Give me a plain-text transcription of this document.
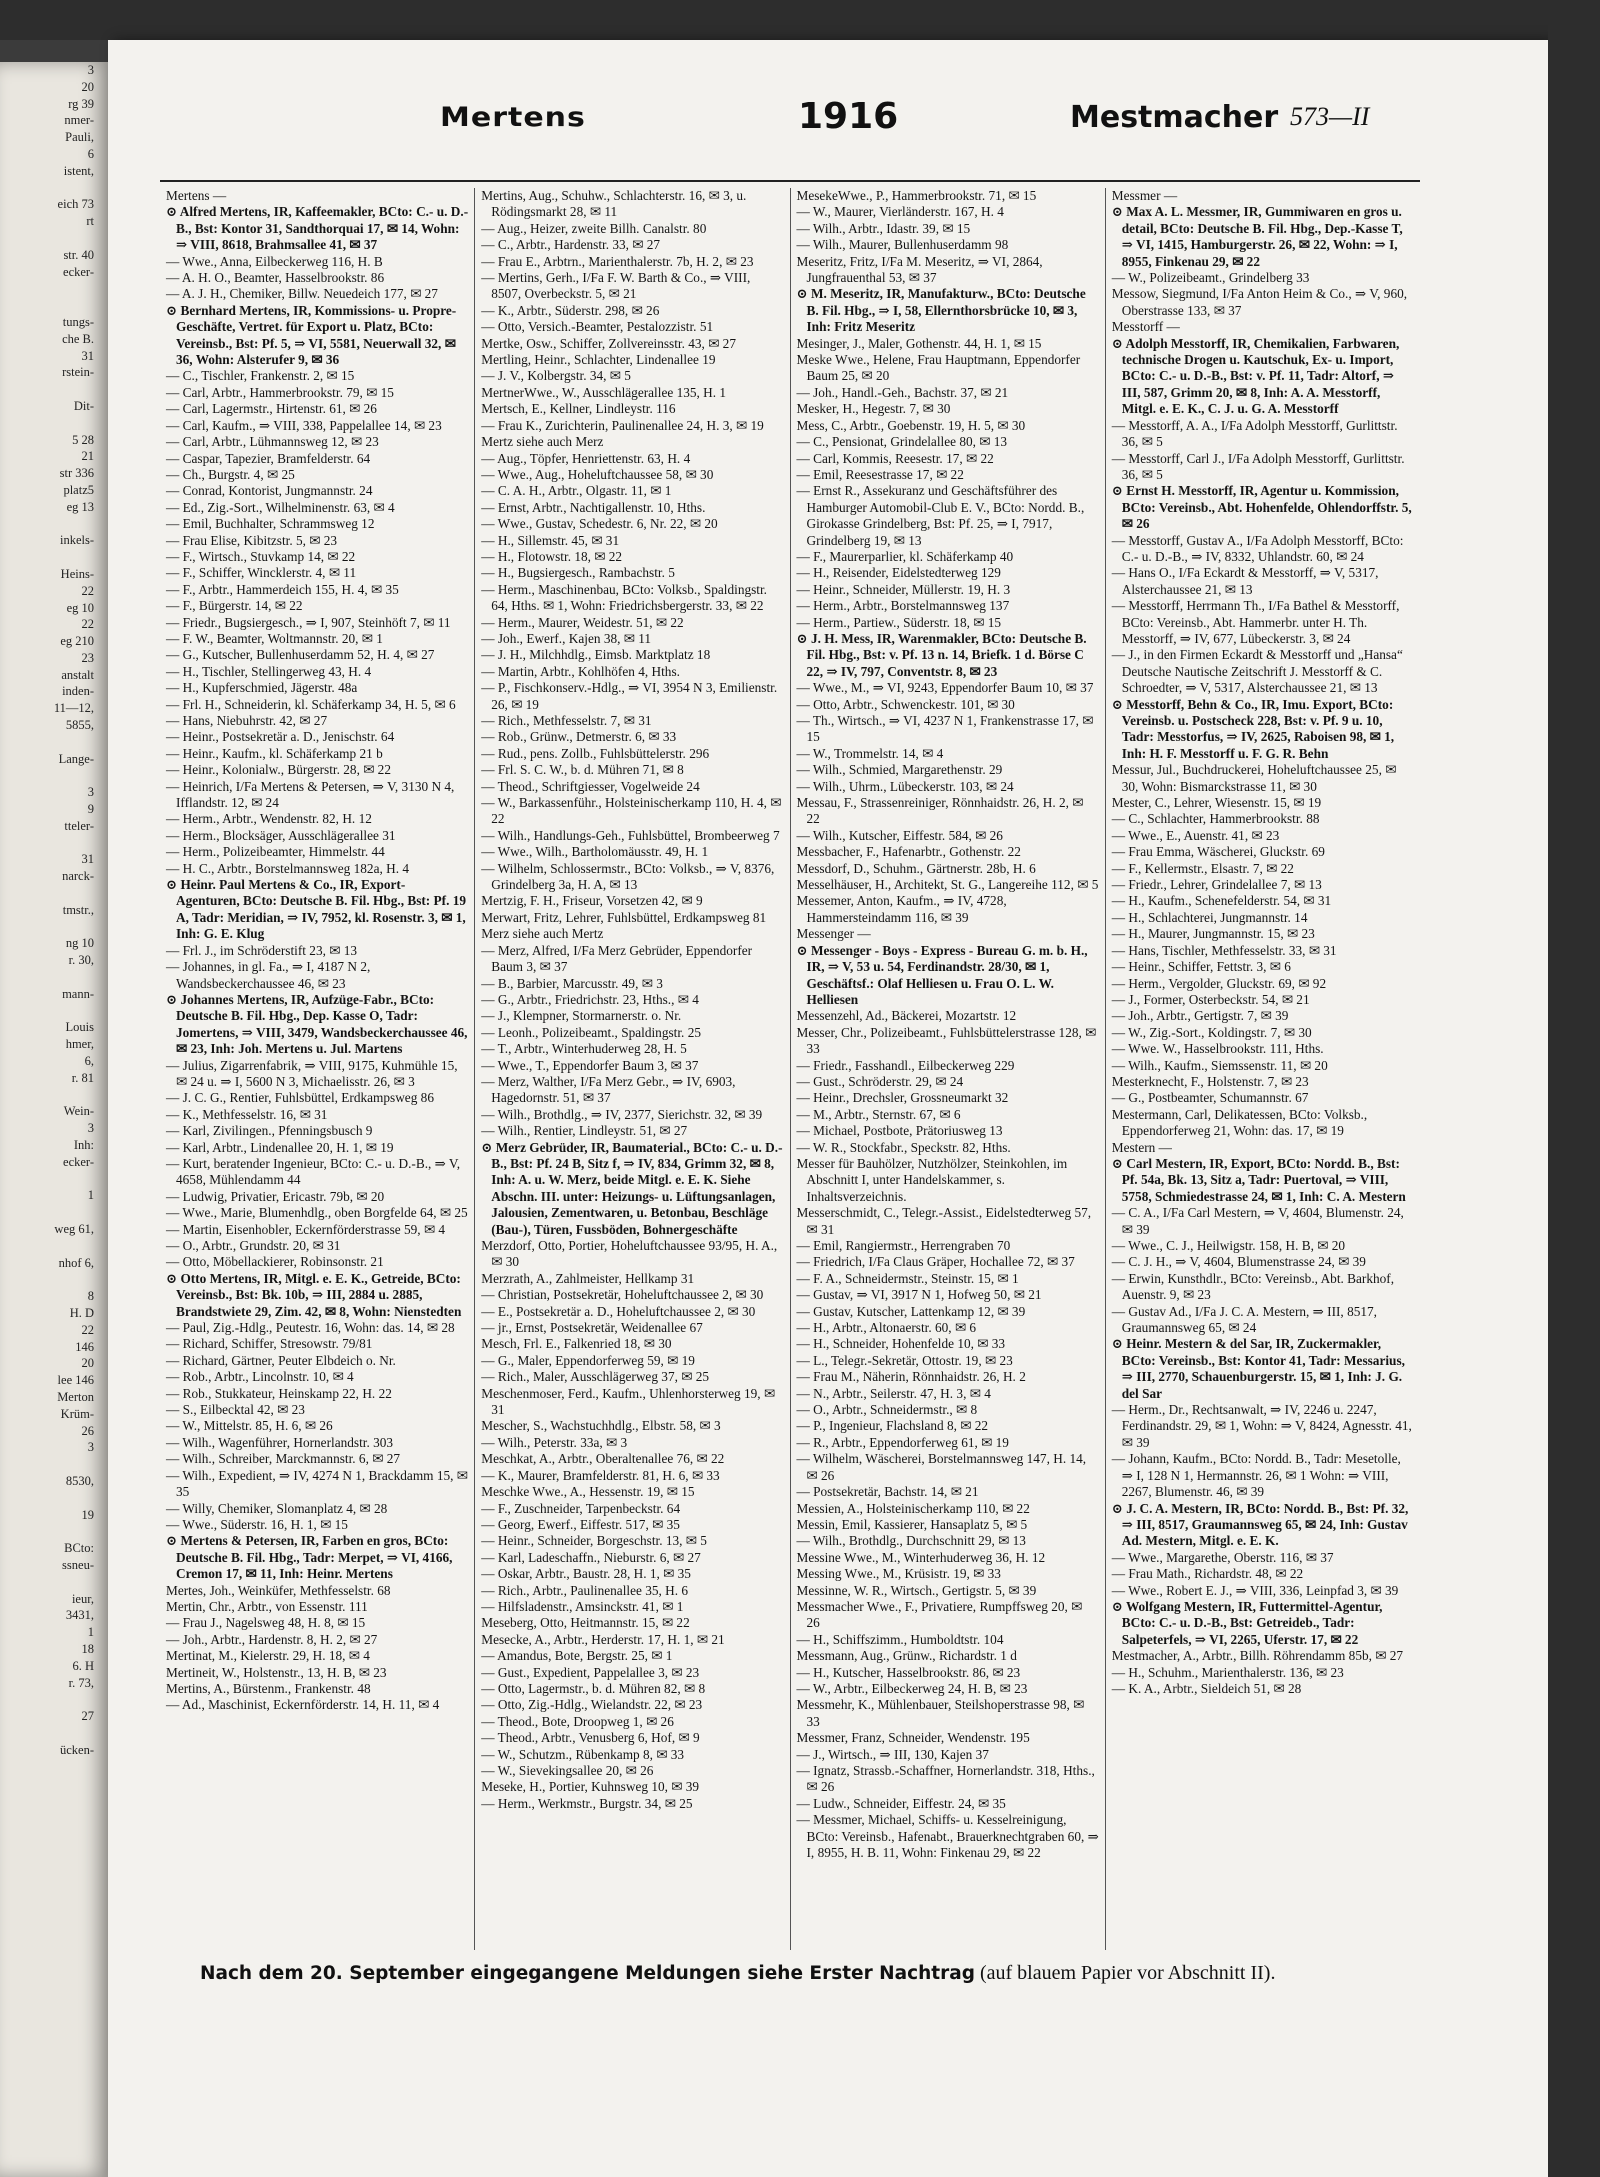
3
20
rg 39
nmer-
Pauli,
6
istent,

eich 73
rt

str. 40
ecker-

tungs-
che B.
31
rstein-

Dit-

5 28
21
str 336
platz5
eg 13

inkels-

Heins-
22
eg 10
22
eg 210
23
anstalt
inden-
11—12,
5855,

Lange-

3
9
tteler-

31
narck-

tmstr.,

ng 10
r. 30,

mann-

Louis
hmer,
6,
r. 81

Wein-
3
Inh:
ecker-

1

weg 61,

nhof 6,

8
H. D
22
146
20
lee 146
Merton
Krüm-
26
3

8530,

19

BCto:
ssneu-

ieur,
3431,
1
18
6. H
r. 73,

27

ücken-
Mertens	1916	Mestmacher 573—II

Mertens —

⊙ Alfred Mertens, IR, Kaffeemakler, BCto: C.- u. D.-B., Bst: Kontor 31, Sandthorquai 17, ✉ 14, Wohn: ⇒ VIII, 8618, Brahmsallee 41, ✉ 37

— Wwe., Anna, Eilbeckerweg 116, H. B

— A. H. O., Beamter, Hasselbrookstr. 86

— A. J. H., Chemiker, Billw. Neuedeich 177, ✉ 27

⊙ Bernhard Mertens, IR, Kommissions- u. Propre-Geschäfte, Vertret. für Export u. Platz, BCto: Vereinsb., Bst: Pf. 5, ⇒ VI, 5581, Neuerwall 32, ✉ 36, Wohn: Alsterufer 9, ✉ 36

— C., Tischler, Frankenstr. 2, ✉ 15

— Carl, Arbtr., Hammerbrookstr. 79, ✉ 15

— Carl, Lagermstr., Hirtenstr. 61, ✉ 26

— Carl, Kaufm., ⇒ VIII, 338, Pappelallee 14, ✉ 23

— Carl, Arbtr., Lühmannsweg 12, ✉ 23

— Caspar, Tapezier, Bramfelderstr. 64

— Ch., Burgstr. 4, ✉ 25

— Conrad, Kontorist, Jungmannstr. 24

— Ed., Zig.-Sort., Wilhelminenstr. 63, ✉ 4

— Emil, Buchhalter, Schrammsweg 12

— Frau Elise, Kibitzstr. 5, ✉ 23

— F., Wirtsch., Stuvkamp 14, ✉ 22

— F., Schiffer, Wincklerstr. 4, ✉ 11

— F., Arbtr., Hammerdeich 155, H. 4, ✉ 35

— F., Bürgerstr. 14, ✉ 22

— Friedr., Bugsiergesch., ⇒ I, 907, Steinhöft 7, ✉ 11

— F. W., Beamter, Woltmannstr. 20, ✉ 1

— G., Kutscher, Bullenhuserdamm 52, H. 4, ✉ 27

— H., Tischler, Stellingerweg 43, H. 4

— H., Kupferschmied, Jägerstr. 48a

— Frl. H., Schneiderin, kl. Schäferkamp 34, H. 5, ✉ 6

— Hans, Niebuhrstr. 42, ✉ 27

— Heinr., Postsekretär a. D., Jenischstr. 64

— Heinr., Kaufm., kl. Schäferkamp 21 b

— Heinr., Kolonialw., Bürgerstr. 28, ✉ 22

— Heinrich, I/Fa Mertens & Petersen, ⇒ V, 3130 N 4, Ifflandstr. 12, ✉ 24

— Herm., Arbtr., Wendenstr. 82, H. 12

— Herm., Blocksäger, Ausschlägerallee 31

— Herm., Polizeibeamter, Himmelstr. 44

— H. C., Arbtr., Borstelmannsweg 182a, H. 4

⊙ Heinr. Paul Mertens & Co., IR, Export-Agenturen, BCto: Deutsche B. Fil. Hbg., Bst: Pf. 19 A, Tadr: Meridian, ⇒ IV, 7952, kl. Rosenstr. 3, ✉ 1, Inh: G. E. Klug

— Frl. J., im Schröderstift 23, ✉ 13

— Johannes, in gl. Fa., ⇒ I, 4187 N 2, Wandsbeckerchaussee 46, ✉ 23

⊙ Johannes Mertens, IR, Aufzüge-Fabr., BCto: Deutsche B. Fil. Hbg., Dep. Kasse O, Tadr: Jomertens, ⇒ VIII, 3479, Wandsbeckerchaussee 46, ✉ 23, Inh: Joh. Mertens u. Jul. Martens

— Julius, Zigarrenfabrik, ⇒ VIII, 9175, Kuhmühle 15, ✉ 24 u. ⇒ I, 5600 N 3, Michaelisstr. 26, ✉ 3

— J. C. G., Rentier, Fuhlsbüttel, Erdkampsweg 86

— K., Methfesselstr. 16, ✉ 31

— Karl, Zivilingen., Pfenningsbusch 9

— Karl, Arbtr., Lindenallee 20, H. 1, ✉ 19

— Kurt, beratender Ingenieur, BCto: C.- u. D.-B., ⇒ V, 4658, Mühlendamm 44

— Ludwig, Privatier, Ericastr. 79b, ✉ 20

— Wwe., Marie, Blumenhdlg., oben Borgfelde 64, ✉ 25

— Martin, Eisenhobler, Eckernförderstrasse 59, ✉ 4

— O., Arbtr., Grundstr. 20, ✉ 31

— Otto, Möbellackierer, Robinsonstr. 21

⊙ Otto Mertens, IR, Mitgl. e. E. K., Getreide, BCto: Vereinsb., Bst: Bk. 10b, ⇒ III, 2884 u. 2885, Brandstwiete 29, Zim. 42, ✉ 8, Wohn: Nienstedten

— Paul, Zig.-Hdlg., Peutestr. 16, Wohn: das. 14, ✉ 28

— Richard, Schiffer, Stresowstr. 79/81

— Richard, Gärtner, Peuter Elbdeich o. Nr.

— Rob., Arbtr., Lincolnstr. 10, ✉ 4

— Rob., Stukkateur, Heinskamp 22, H. 22

— S., Eilbecktal 42, ✉ 23

— W., Mittelstr. 85, H. 6, ✉ 26

— Wilh., Wagenführer, Hornerlandstr. 303

— Wilh., Schreiber, Marckmannstr. 6, ✉ 27

— Wilh., Expedient, ⇒ IV, 4274 N 1, Brackdamm 15, ✉ 35

— Willy, Chemiker, Slomanplatz 4, ✉ 28

— Wwe., Süderstr. 16, H. 1, ✉ 15

⊙ Mertens & Petersen, IR, Farben en gros, BCto: Deutsche B. Fil. Hbg., Tadr: Merpet, ⇒ VI, 4166, Cremon 17, ✉ 11, Inh: Heinr. Mertens

Mertes, Joh., Weinküfer, Methfesselstr. 68

Mertin, Chr., Arbtr., von Essenstr. 111

— Frau J., Nagelsweg 48, H. 8, ✉ 15

— Joh., Arbtr., Hardenstr. 8, H. 2, ✉ 27

Mertinat, M., Kielerstr. 29, H. 18, ✉ 4

Mertineit, W., Holstenstr., 13, H. B, ✉ 23

Mertins, A., Bürstenm., Frankenstr. 48

— Ad., Maschinist, Eckernförderstr. 14, H. 11, ✉ 4

Mertins, Aug., Schuhw., Schlachterstr. 16, ✉ 3, u. Rödingsmarkt 28, ✉ 11

— Aug., Heizer, zweite Billh. Canalstr. 80

— C., Arbtr., Hardenstr. 33, ✉ 27

— Frau E., Arbtrn., Marienthalerstr. 7b, H. 2, ✉ 23

— Mertins, Gerh., I/Fa F. W. Barth & Co., ⇒ VIII, 8507, Overbeckstr. 5, ✉ 21

— K., Arbtr., Süderstr. 298, ✉ 26

— Otto, Versich.-Beamter, Pestalozzistr. 51

Mertke, Osw., Schiffer, Zollvereinsstr. 43, ✉ 27

Mertling, Heinr., Schlachter, Lindenallee 19

— J. V., Kolbergstr. 34, ✉ 5

MertnerWwe., W., Ausschlägerallee 135, H. 1

Mertsch, E., Kellner, Lindleystr. 116

— Frau K., Zurichterin, Paulinenallee 24, H. 3, ✉ 19

Mertz siehe auch Merz

— Aug., Töpfer, Henriettenstr. 63, H. 4

— Wwe., Aug., Hoheluftchaussee 58, ✉ 30

— C. A. H., Arbtr., Olgastr. 11, ✉ 1

— Ernst, Arbtr., Nachtigallenstr. 10, Hths.

— Wwe., Gustav, Schedestr. 6, Nr. 22, ✉ 20

— H., Sillemstr. 45, ✉ 31

— H., Flotowstr. 18, ✉ 22

— H., Bugsiergesch., Rambachstr. 5

— Herm., Maschinenbau, BCto: Volksb., Spaldingstr. 64, Hths. ✉ 1, Wohn: Friedrichsbergerstr. 33, ✉ 22

— Herm., Maurer, Weidestr. 51, ✉ 22

— Joh., Ewerf., Kajen 38, ✉ 11

— J. H., Milchhdlg., Eimsb. Marktplatz 18

— Martin, Arbtr., Kohlhöfen 4, Hths.

— P., Fischkonserv.-Hdlg., ⇒ VI, 3954 N 3, Emilienstr. 26, ✉ 19

— Rich., Methfesselstr. 7, ✉ 31

— Rob., Grünw., Detmerstr. 6, ✉ 33

— Rud., pens. Zollb., Fuhlsbüttelerstr. 296

— Frl. S. C. W., b. d. Mühren 71, ✉ 8

— Theod., Schriftgiesser, Vogelweide 24

— W., Barkassenführ., Holsteinischerkamp 110, H. 4, ✉ 22

— Wilh., Handlungs-Geh., Fuhlsbüttel, Brombeerweg 7

— Wwe., Wilh., Bartholomäusstr. 49, H. 1

— Wilhelm, Schlossermstr., BCto: Volksb., ⇒ V, 8376, Grindelberg 3a, H. A, ✉ 13

Mertzig, F. H., Friseur, Vorsetzen 42, ✉ 9

Merwart, Fritz, Lehrer, Fuhlsbüttel, Erdkampsweg 81

Merz siehe auch Mertz

— Merz, Alfred, I/Fa Merz Gebrüder, Eppendorfer Baum 3, ✉ 37

— B., Barbier, Marcusstr. 49, ✉ 3

— G., Arbtr., Friedrichstr. 23, Hths., ✉ 4

— J., Klempner, Stormarnerstr. o. Nr.

— Leonh., Polizeibeamt., Spaldingstr. 25

— T., Arbtr., Winterhuderweg 28, H. 5

— Wwe., T., Eppendorfer Baum 3, ✉ 37

— Merz, Walther, I/Fa Merz Gebr., ⇒ IV, 6903, Hagedornstr. 51, ✉ 37

— Wilh., Brothdlg., ⇒ IV, 2377, Sierichstr. 32, ✉ 39

— Wilh., Rentier, Lindleystr. 51, ✉ 27

⊙ Merz Gebrüder, IR, Baumaterial., BCto: C.- u. D.-B., Bst: Pf. 24 B, Sitz f, ⇒ IV, 834, Grimm 32, ✉ 8, Inh: A. u. W. Merz, beide Mitgl. e. E. K. Siehe Abschn. III. unter: Heizungs- u. Lüftungsanlagen, Jalousien, Zementwaren, u. Betonbau, Beschläge (Bau-), Türen, Fussböden, Bohnergeschäfte

Merzdorf, Otto, Portier, Hoheluftchaussee 93/95, H. A., ✉ 30

Merzrath, A., Zahlmeister, Hellkamp 31

— Christian, Postsekretär, Hoheluftchaussee 2, ✉ 30

— E., Postsekretär a. D., Hoheluftchaussee 2, ✉ 30

— jr., Ernst, Postsekretär, Weidenallee 67

Mesch, Frl. E., Falkenried 18, ✉ 30

— G., Maler, Eppendorferweg 59, ✉ 19

— Rich., Maler, Ausschlägerweg 37, ✉ 25

Meschenmoser, Ferd., Kaufm., Uhlenhorsterweg 19, ✉ 31

Mescher, S., Wachstuchhdlg., Elbstr. 58, ✉ 3

— Wilh., Peterstr. 33a, ✉ 3

Meschkat, A., Arbtr., Oberaltenallee 76, ✉ 22

— K., Maurer, Bramfelderstr. 81, H. 6, ✉ 33

Meschke Wwe., A., Hessenstr. 19, ✉ 15

— F., Zuschneider, Tarpenbeckstr. 64

— Georg, Ewerf., Eiffestr. 517, ✉ 35

— Heinr., Schneider, Borgeschstr. 13, ✉ 5

— Karl, Ladeschaffn., Nieburstr. 6, ✉ 27

— Oskar, Arbtr., Baustr. 28, H. 1, ✉ 35

— Rich., Arbtr., Paulinenallee 35, H. 6

— Hilfsladenstr., Amsinckstr. 41, ✉ 1

Meseberg, Otto, Heitmannstr. 15, ✉ 22

Mesecke, A., Arbtr., Herderstr. 17, H. 1, ✉ 21

— Amandus, Bote, Bergstr. 25, ✉ 1

— Gust., Expedient, Pappelallee 3, ✉ 23

— Otto, Lagermstr., b. d. Mühren 82, ✉ 8

— Otto, Zig.-Hdlg., Wielandstr. 22, ✉ 23

— Theod., Bote, Droopweg 1, ✉ 26

— Theod., Arbtr., Venusberg 6, Hof, ✉ 9

— W., Schutzm., Rübenkamp 8, ✉ 33

— W., Sievekingsallee 20, ✉ 26

Meseke, H., Portier, Kuhnsweg 10, ✉ 39

— Herm., Werkmstr., Burgstr. 34, ✉ 25

MesekeWwe., P., Hammerbrookstr. 71, ✉ 15

— W., Maurer, Vierländerstr. 167, H. 4

— Wilh., Arbtr., Idastr. 39, ✉ 15

— Wilh., Maurer, Bullenhuserdamm 98

Meseritz, Fritz, I/Fa M. Meseritz, ⇒ VI, 2864, Jungfrauenthal 53, ✉ 37

⊙ M. Meseritz, IR, Manufakturw., BCto: Deutsche B. Fil. Hbg., ⇒ I, 58, Ellernthorsbrücke 10, ✉ 3, Inh: Fritz Meseritz

Mesinger, J., Maler, Gothenstr. 44, H. 1, ✉ 15

Meske Wwe., Helene, Frau Hauptmann, Eppendorfer Baum 25, ✉ 20

— Joh., Handl.-Geh., Bachstr. 37, ✉ 21

Mesker, H., Hegestr. 7, ✉ 30

Mess, C., Arbtr., Goebenstr. 19, H. 5, ✉ 30

— C., Pensionat, Grindelallee 80, ✉ 13

— Carl, Kommis, Reesestr. 17, ✉ 22

— Emil, Reesestrasse 17, ✉ 22

— Ernst R., Assekuranz und Geschäftsführer des Hamburger Automobil-Club E. V., BCto: Nordd. B., Girokasse Grindelberg, Bst: Pf. 25, ⇒ I, 7917, Grindelberg 19, ✉ 13

— F., Maurerparlier, kl. Schäferkamp 40

— H., Reisender, Eidelstedterweg 129

— Heinr., Schneider, Müllerstr. 19, H. 3

— Herm., Arbtr., Borstelmannsweg 137

— Herm., Partiew., Süderstr. 18, ✉ 15

⊙ J. H. Mess, IR, Warenmakler, BCto: Deutsche B. Fil. Hbg., Bst: v. Pf. 13 n. 14, Briefk. 1 d. Börse C 22, ⇒ IV, 797, Conventstr. 8, ✉ 23

— Wwe., M., ⇒ VI, 9243, Eppendorfer Baum 10, ✉ 37

— Otto, Arbtr., Schwenckestr. 101, ✉ 30

— Th., Wirtsch., ⇒ VI, 4237 N 1, Frankenstrasse 17, ✉ 15

— W., Trommelstr. 14, ✉ 4

— Wilh., Schmied, Margarethenstr. 29

— Wilh., Uhrm., Lübeckerstr. 103, ✉ 24

Messau, F., Strassenreiniger, Rönnhaidstr. 26, H. 2, ✉ 22

— Wilh., Kutscher, Eiffestr. 584, ✉ 26

Messbacher, F., Hafenarbtr., Gothenstr. 22

Messdorf, D., Schuhm., Gärtnerstr. 28b, H. 6

Messelhäuser, H., Architekt, St. G., Langereihe 112, ✉ 5

Messemer, Anton, Kaufm., ⇒ IV, 4728, Hammersteindamm 116, ✉ 39

Messenger —

⊙ Messenger - Boys - Express - Bureau G. m. b. H., IR, ⇒ V, 53 u. 54, Ferdinandstr. 28/30, ✉ 1, Geschäftsf.: Olaf Helliesen u. Frau O. L. W. Helliesen

Messenzehl, Ad., Bäckerei, Mozartstr. 12

Messer, Chr., Polizeibeamt., Fuhlsbüttelerstrasse 128, ✉ 33

— Friedr., Fasshandl., Eilbeckerweg 229

— Gust., Schröderstr. 29, ✉ 24

— Heinr., Drechsler, Grossneumarkt 32

— M., Arbtr., Sternstr. 67, ✉ 6

— Michael, Postbote, Prätoriusweg 13

— W. R., Stockfabr., Speckstr. 82, Hths.

Messer für Bauhölzer, Nutzhölzer, Steinkohlen, im Abschnitt I, unter Handelskammer, s. Inhaltsverzeichnis.

Messerschmidt, C., Telegr.-Assist., Eidelstedterweg 57, ✉ 31

— Emil, Rangiermstr., Herrengraben 70

— Friedrich, I/Fa Claus Gräper, Hochallee 72, ✉ 37

— F. A., Schneidermstr., Steinstr. 15, ✉ 1

— Gustav, ⇒ VI, 3917 N 1, Hofweg 50, ✉ 21

— Gustav, Kutscher, Lattenkamp 12, ✉ 39

— H., Arbtr., Altonaerstr. 60, ✉ 6

— H., Schneider, Hohenfelde 10, ✉ 33

— L., Telegr.-Sekretär, Ottostr. 19, ✉ 23

— Frau M., Näherin, Rönnhaidstr. 26, H. 2

— N., Arbtr., Seilerstr. 47, H. 3, ✉ 4

— O., Arbtr., Schneidermstr., ✉ 8

— P., Ingenieur, Flachsland 8, ✉ 22

— R., Arbtr., Eppendorferweg 61, ✉ 19

— Wilhelm, Wäscherei, Borstelmannsweg 147, H. 14, ✉ 26

— Postsekretär, Bachstr. 14, ✉ 21

Messien, A., Holsteinischerkamp 110, ✉ 22

Messin, Emil, Kassierer, Hansaplatz 5, ✉ 5

— Wilh., Brothdlg., Durchschnitt 29, ✉ 13

Messine Wwe., M., Winterhuderweg 36, H. 12

Messing Wwe., M., Krüsistr. 19, ✉ 33

Messinne, W. R., Wirtsch., Gertigstr. 5, ✉ 39

Messmacher Wwe., F., Privatiere, Rumpffsweg 20, ✉ 26

— H., Schiffszimm., Humboldtstr. 104

Messmann, Aug., Grünw., Richardstr. 1 d

— H., Kutscher, Hasselbrookstr. 86, ✉ 23

— W., Arbtr., Eilbeckerweg 24, H. B, ✉ 23

Messmehr, K., Mühlenbauer, Steilshoperstrasse 98, ✉ 33

Messmer, Franz, Schneider, Wendenstr. 195

— J., Wirtsch., ⇒ III, 130, Kajen 37

— Ignatz, Strassb.-Schaffner, Hornerlandstr. 318, Hths., ✉ 26

— Ludw., Schneider, Eiffestr. 24, ✉ 35

— Messmer, Michael, Schiffs- u. Kesselreinigung, BCto: Vereinsb., Hafenabt., Brauerknechtgraben 60, ⇒ I, 8955, H. B. 11, Wohn: Finkenau 29, ✉ 22

Messmer —

⊙ Max A. L. Messmer, IR, Gummiwaren en gros u. detail, BCto: Deutsche B. Fil. Hbg., Dep.-Kasse T, ⇒ VI, 1415, Hamburgerstr. 26, ✉ 22, Wohn: ⇒ I, 8955, Finkenau 29, ✉ 22

— W., Polizeibeamt., Grindelberg 33

Messow, Siegmund, I/Fa Anton Heim & Co., ⇒ V, 960, Oberstrasse 133, ✉ 37

Messtorff —

⊙ Adolph Messtorff, IR, Chemikalien, Farbwaren, technische Drogen u. Kautschuk, Ex- u. Import, BCto: C.- u. D.-B., Bst: v. Pf. 11, Tadr: Altorf, ⇒ III, 587, Grimm 20, ✉ 8, Inh: A. A. Messtorff, Mitgl. e. E. K., C. J. u. G. A. Messtorff

— Messtorff, A. A., I/Fa Adolph Messtorff, Gurlittstr. 36, ✉ 5

— Messtorff, Carl J., I/Fa Adolph Messtorff, Gurlittstr. 36, ✉ 5

⊙ Ernst H. Messtorff, IR, Agentur u. Kommission, BCto: Vereinsb., Abt. Hohenfelde, Ohlendorffstr. 5, ✉ 26

— Messtorff, Gustav A., I/Fa Adolph Messtorff, BCto: C.- u. D.-B., ⇒ IV, 8332, Uhlandstr. 60, ✉ 24

— Hans O., I/Fa Eckardt & Messtorff, ⇒ V, 5317, Alsterchaussee 21, ✉ 13

— Messtorff, Herrmann Th., I/Fa Bathel & Messtorff, BCto: Vereinsb., Abt. Hammerbr. unter H. Th. Messtorff, ⇒ IV, 677, Lübeckerstr. 3, ✉ 24

— J., in den Firmen Eckardt & Messtorff und „Hansa“ Deutsche Nautische Zeitschrift J. Messtorff & C. Schroedter, ⇒ V, 5317, Alsterchaussee 21, ✉ 13

⊙ Messtorff, Behn & Co., IR, Imu. Export, BCto: Vereinsb. u. Postscheck 228, Bst: v. Pf. 9 u. 10, Tadr: Messtorfus, ⇒ IV, 2625, Raboisen 98, ✉ 1, Inh: H. F. Messtorff u. F. G. R. Behn

Messur, Jul., Buchdruckerei, Hoheluftchaussee 25, ✉ 30, Wohn: Bismarckstrasse 11, ✉ 30

Mester, C., Lehrer, Wiesenstr. 15, ✉ 19

— C., Schlachter, Hammerbrookstr. 88

— Wwe., E., Auenstr. 41, ✉ 23

— Frau Emma, Wäscherei, Gluckstr. 69

— F., Kellermstr., Elsastr. 7, ✉ 22

— Friedr., Lehrer, Grindelallee 7, ✉ 13

— H., Kaufm., Schenefelderstr. 54, ✉ 31

— H., Schlachterei, Jungmannstr. 14

— H., Maurer, Jungmannstr. 15, ✉ 23

— Hans, Tischler, Methfesselstr. 33, ✉ 31

— Heinr., Schiffer, Fettstr. 3, ✉ 6

— Herm., Vergolder, Gluckstr. 69, ✉ 92

— J., Former, Osterbeckstr. 54, ✉ 21

— Joh., Arbtr., Gertigstr. 7, ✉ 39

— W., Zig.-Sort., Koldingstr. 7, ✉ 30

— Wwe. W., Hasselbrookstr. 111, Hths.

— Wilh., Kaufm., Siemssenstr. 11, ✉ 20

Mesterknecht, F., Holstenstr. 7, ✉ 23

— G., Postbeamter, Schumannstr. 67

Mestermann, Carl, Delikatessen, BCto: Volksb., Eppendorferweg 21, Wohn: das. 17, ✉ 19

Mestern —

⊙ Carl Mestern, IR, Export, BCto: Nordd. B., Bst: Pf. 54a, Bk. 13, Sitz a, Tadr: Puertoval, ⇒ VIII, 5758, Schmiedestrasse 24, ✉ 1, Inh: C. A. Mestern

— C. A., I/Fa Carl Mestern, ⇒ V, 4604, Blumenstr. 24, ✉ 39

— Wwe., C. J., Heilwigstr. 158, H. B, ✉ 20

— C. J. H., ⇒ V, 4604, Blumenstrasse 24, ✉ 39

— Erwin, Kunsthdlr., BCto: Vereinsb., Abt. Barkhof, Auenstr. 9, ✉ 23

— Gustav Ad., I/Fa J. C. A. Mestern, ⇒ III, 8517, Graumannsweg 65, ✉ 24

⊙ Heinr. Mestern & del Sar, IR, Zuckermakler, BCto: Vereinsb., Bst: Kontor 41, Tadr: Messarius, ⇒ III, 2770, Schauenburgerstr. 15, ✉ 1, Inh: J. G. del Sar

— Herm., Dr., Rechtsanwalt, ⇒ IV, 2246 u. 2247, Ferdinandstr. 29, ✉ 1, Wohn: ⇒ V, 8424, Agnesstr. 41, ✉ 39

— Johann, Kaufm., BCto: Nordd. B., Tadr: Mesetolle, ⇒ I, 128 N 1, Hermannstr. 26, ✉ 1 Wohn: ⇒ VIII, 2267, Blumenstr. 46, ✉ 39

⊙ J. C. A. Mestern, IR, BCto: Nordd. B., Bst: Pf. 32, ⇒ III, 8517, Graumannsweg 65, ✉ 24, Inh: Gustav Ad. Mestern, Mitgl. e. E. K.

— Wwe., Margarethe, Oberstr. 116, ✉ 37

— Frau Math., Richardstr. 48, ✉ 22

— Wwe., Robert E. J., ⇒ VIII, 336, Leinpfad 3, ✉ 39

⊙ Wolfgang Mestern, IR, Futtermittel-Agentur, BCto: C.- u. D.-B., Bst: Getreideb., Tadr: Salpeterfels, ⇒ VI, 2265, Uferstr. 17, ✉ 22

Mestmacher, A., Arbtr., Billh. Röhrendamm 85b, ✉ 27

— H., Schuhm., Marienthalerstr. 136, ✉ 23

— K. A., Arbtr., Sieldeich 51, ✉ 28

Nach dem 20. September eingegangene Meldungen siehe Erster Nachtrag (auf blauem Papier vor Abschnitt II).
